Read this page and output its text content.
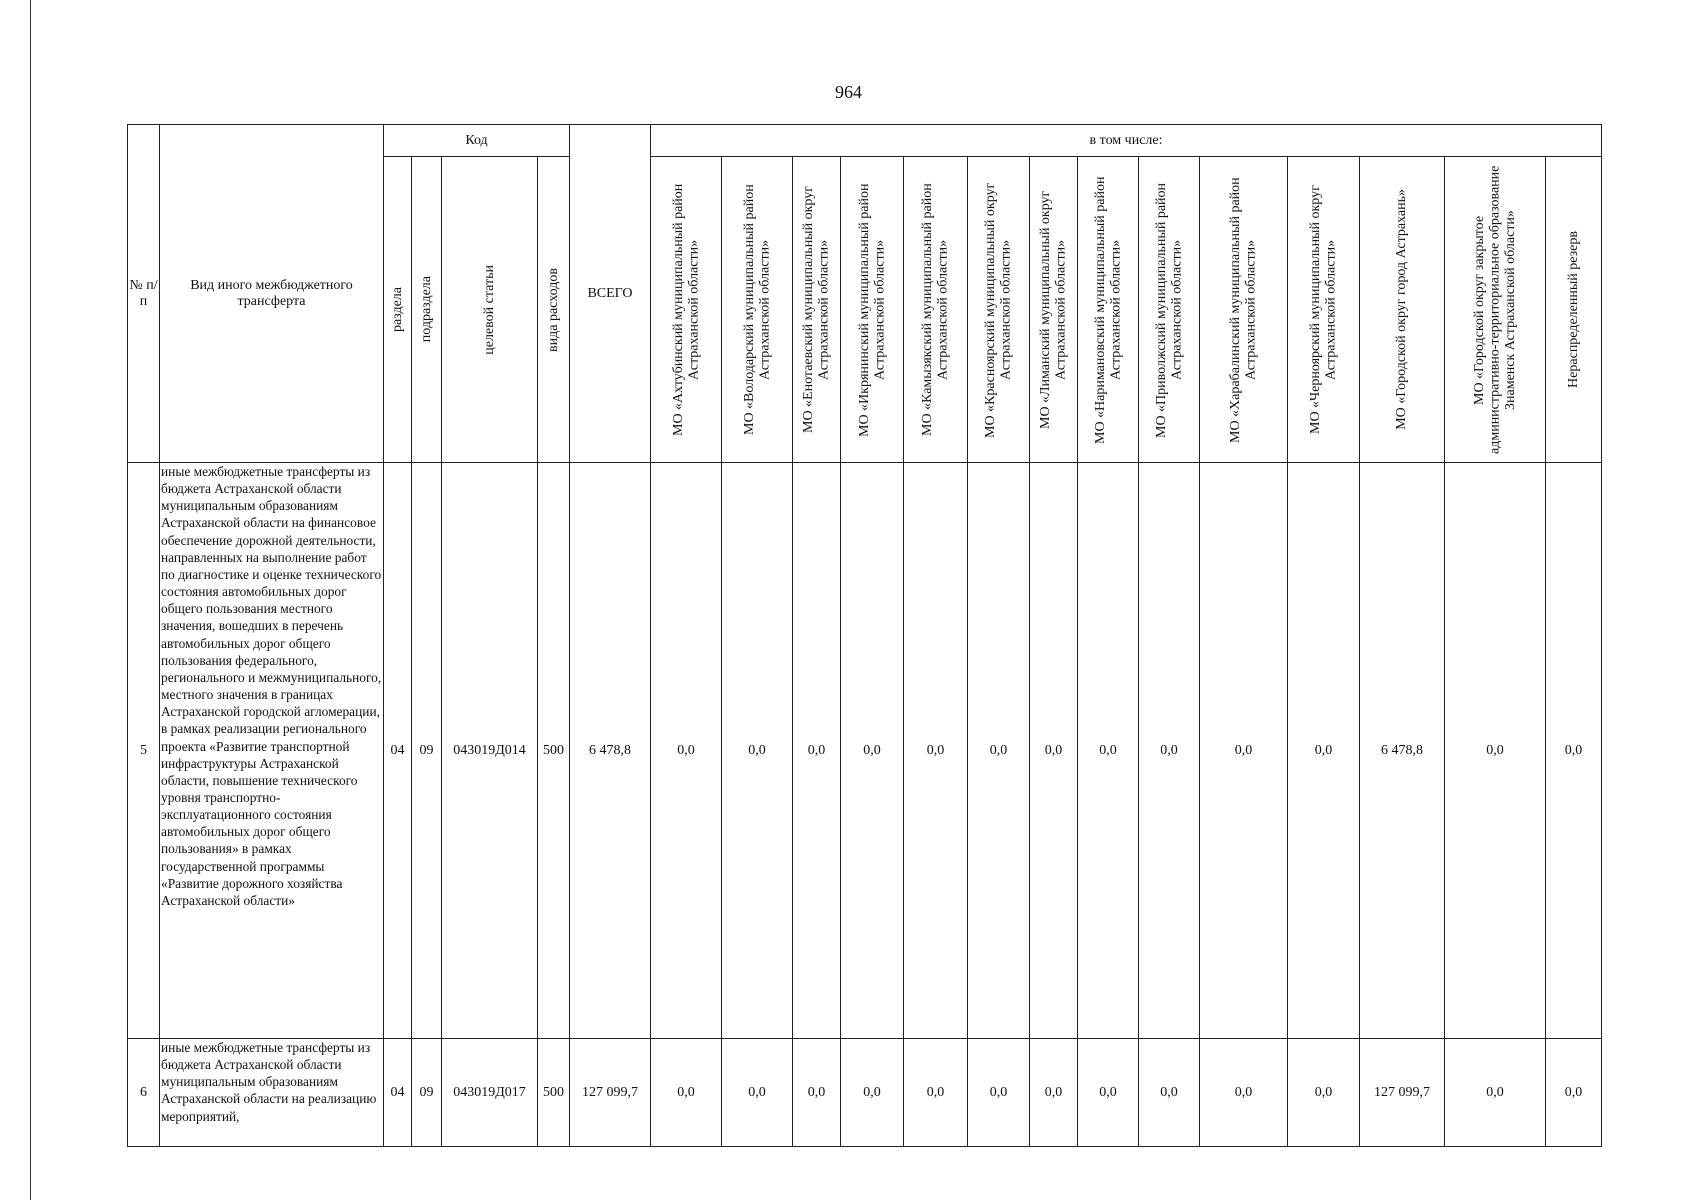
964
№ п/п	Вид иного межбюджетного трансферта	Код				ВСЕГО	в том числе:													

		раздела	подраздела	целевой статьи	вида расходов		МО «Ахтубинский муниципальный район Астраханской области»	МО «Володарский муниципальный район Астраханской области»	МО «Енотаевский муниципальный округ Астраханской области»	МО «Икрянинский муниципальный район Астраханской области»	МО «Камызякский муниципальный район Астраханской области»	МО «Красноярский муниципальный округ Астраханской области»	МО «Лиманский муниципальный округ Астраханской области»	МО «Наримановский муниципальный район Астраханской области»	МО «Приволжский муниципальный район Астраханской области»	МО «Харабалинский муниципальный район Астраханской области»	МО «Черноярский муниципальный округ Астраханской области»	МО «Городской округ город Астрахань»	МО «Городской округ закрытое административно-территориальное образование Знаменск Астраханской области»	Нераспределенный резерв

5	иные межбюджетные трансферты из бюджета Астраханской области муниципальным образованиям Астраханской области на финансовое обеспечение дорожной деятельности, направленных на выполнение работ по диагностике и оценке технического состояния автомобильных дорог общего пользования местного значения, вошедших в перечень автомобильных дорог общего пользования федерального, регионального и межмуниципального, местного значения в границах Астраханской городской агломерации, в рамках реализации регионального проекта «Развитие транспортной инфраструктуры Астраханской области, повышение технического уровня транспортно-эксплуатационного состояния автомобильных дорог общего пользования» в рамках государственной программы «Развитие дорожного хозяйства Астраханской области»	04	09	043019Д014	500	6 478,8	0,0	0,0	0,0	0,0	0,0	0,0	0,0	0,0	0,0	0,0	0,0	6 478,8	0,0	0,0
6	иные межбюджетные трансферты из бюджета Астраханской области муниципальным образованиям Астраханской области на реализацию мероприятий,	04	09	043019Д017	500	127 099,7	0,0	0,0	0,0	0,0	0,0	0,0	0,0	0,0	0,0	0,0	0,0	127 099,7	0,0	0,0
